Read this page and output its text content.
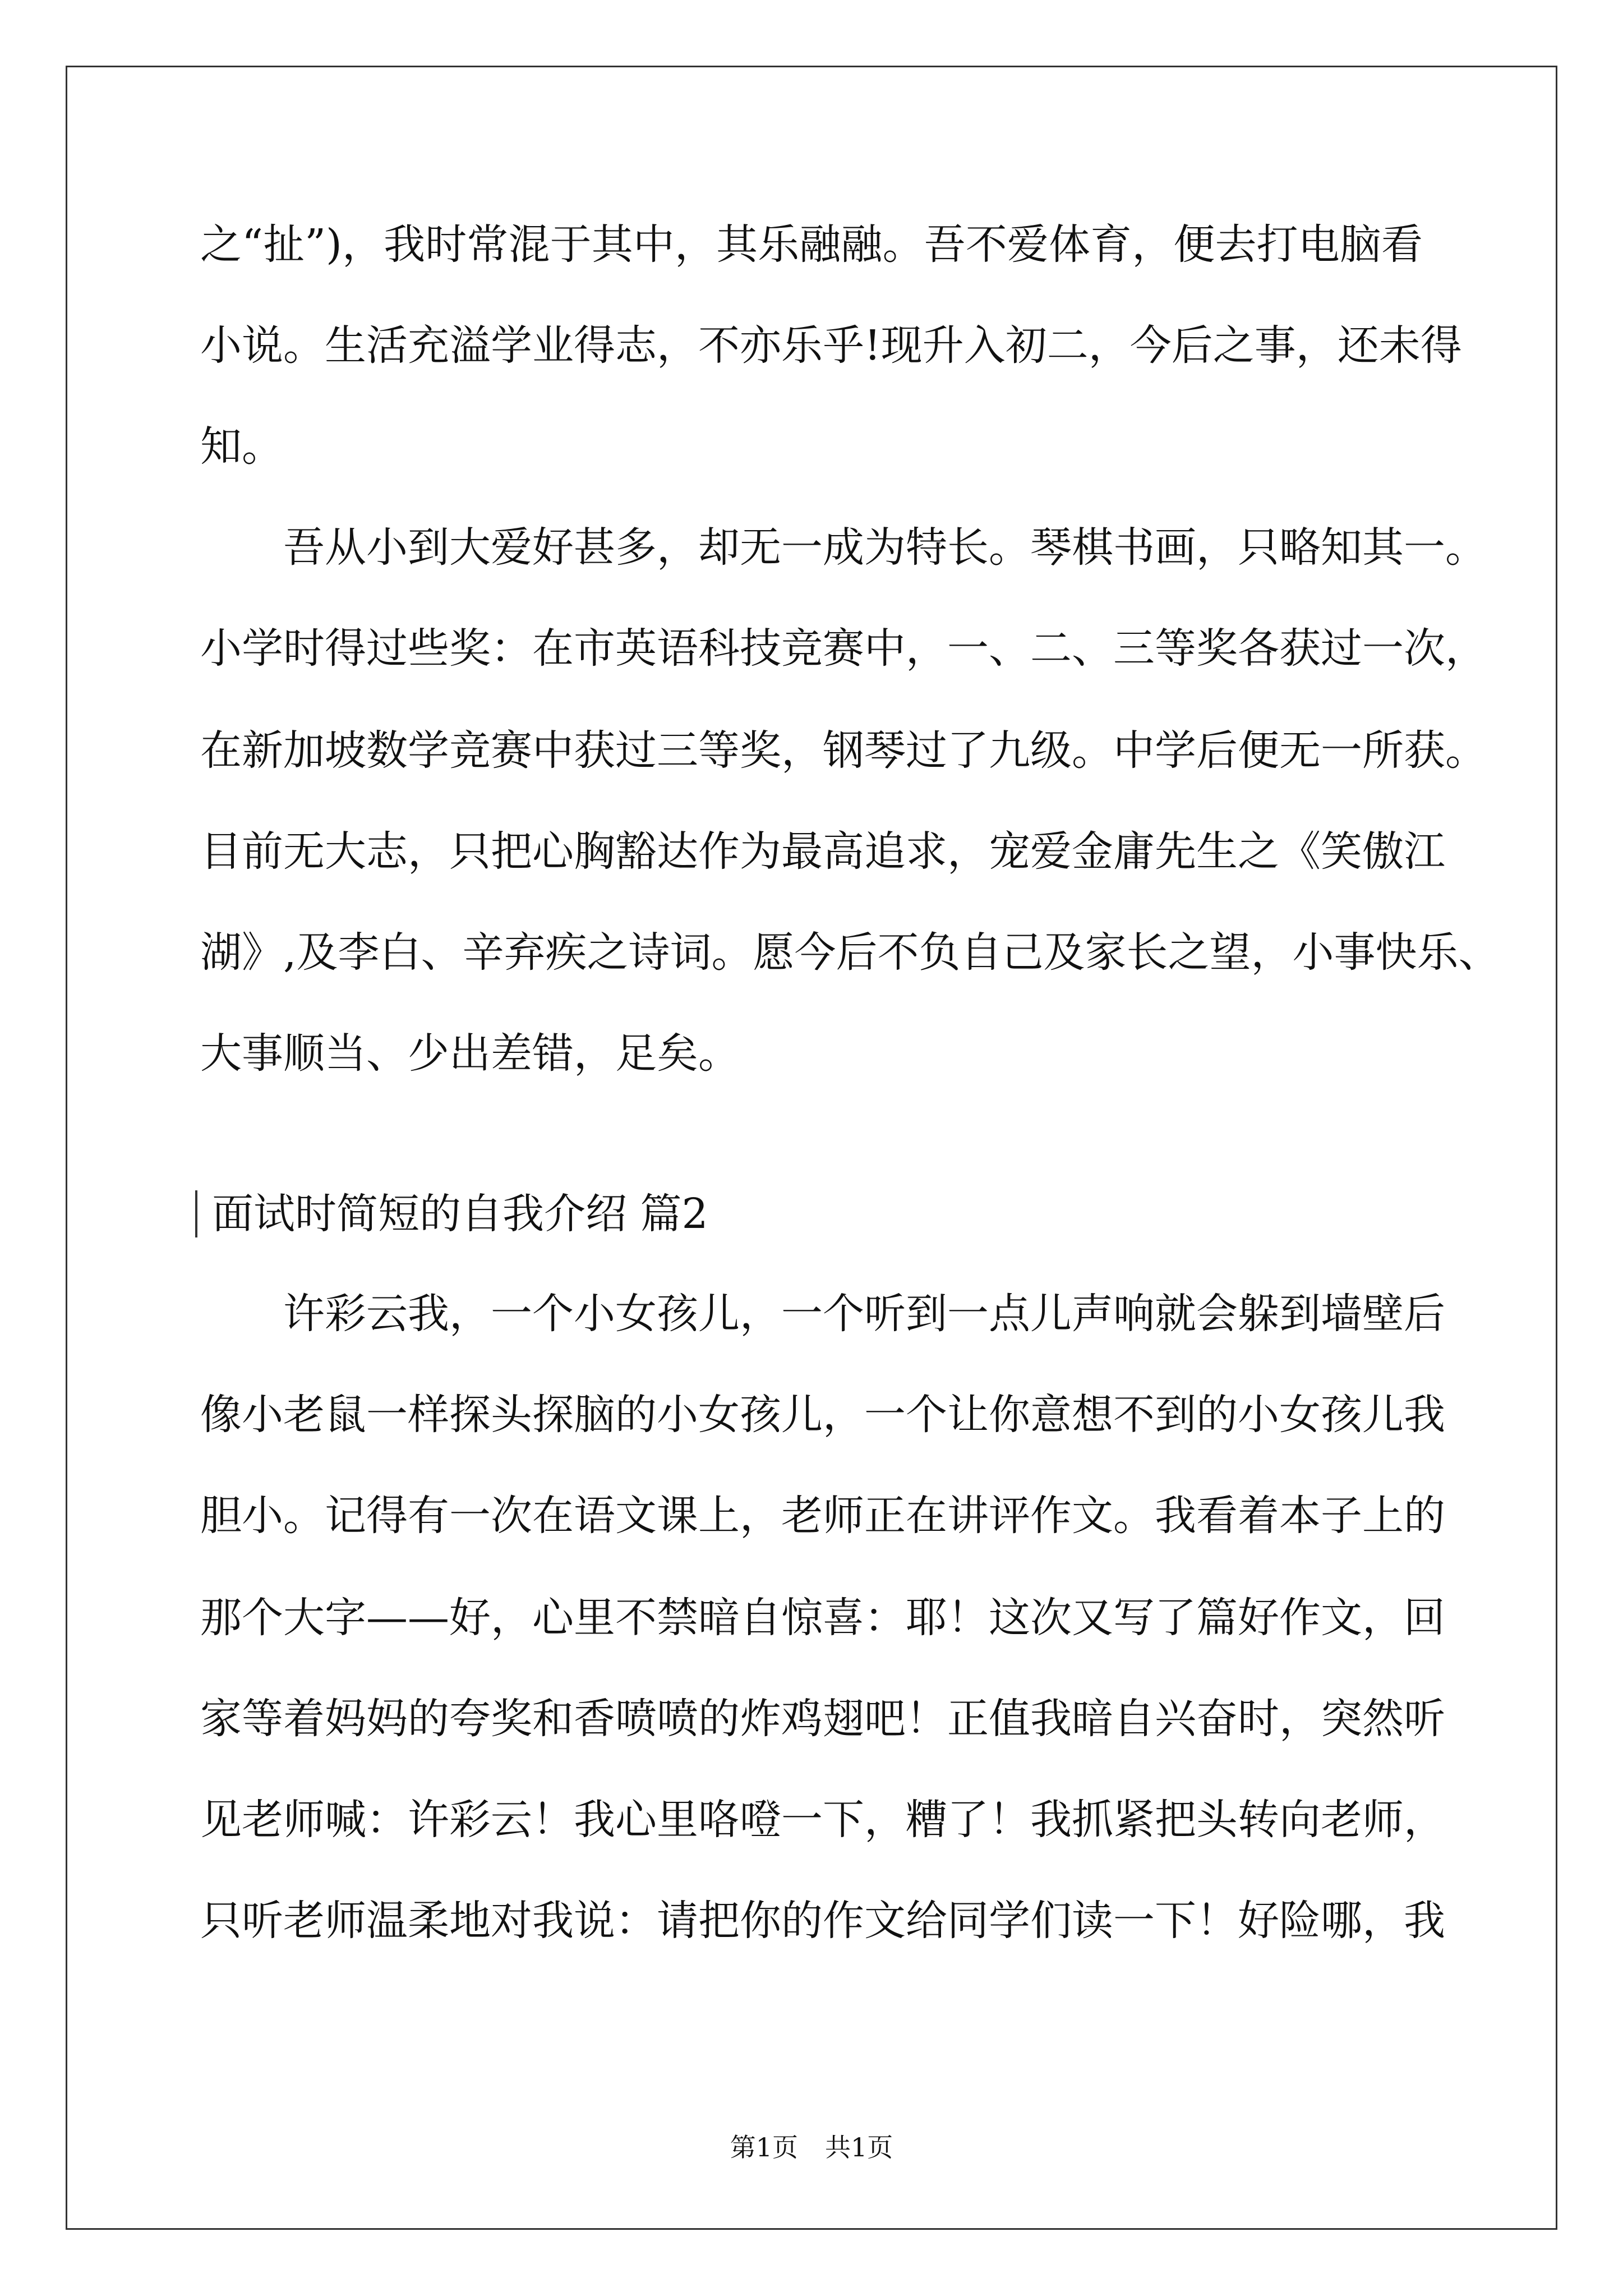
之“扯”)，我时常混于其中，其乐融融。吾不爱体育，便去打电脑看
小说。生活充溢学业得志，不亦乐乎!现升入初二，今后之事，还未得
知。
吾从小到大爱好甚多，却无一成为特长。琴棋书画，只略知其一。
小学时得过些奖：在市英语科技竞赛中，一、二、三等奖各获过一次，
在新加坡数学竞赛中获过三等奖，钢琴过了九级。中学后便无一所获。
目前无大志，只把心胸豁达作为最高追求，宠爱金庸先生之《笑傲江
湖》,及李白、辛弃疾之诗词。愿今后不负自己及家长之望，小事快乐、
大事顺当、少出差错，足矣。
面试时简短的自我介绍 篇2
许彩云我，一个小女孩儿，一个听到一点儿声响就会躲到墙壁后
像小老鼠一样探头探脑的小女孩儿，一个让你意想不到的小女孩儿我
胆小。记得有一次在语文课上，老师正在讲评作文。我看着本子上的
那个大字——好，心里不禁暗自惊喜：耶！这次又写了篇好作文，回
家等着妈妈的夸奖和香喷喷的炸鸡翅吧！正值我暗自兴奋时，突然听
见老师喊：许彩云！我心里咯噔一下，糟了！我抓紧把头转向老师，
只听老师温柔地对我说：请把你的作文给同学们读一下！好险哪，我
第1页 共1页
